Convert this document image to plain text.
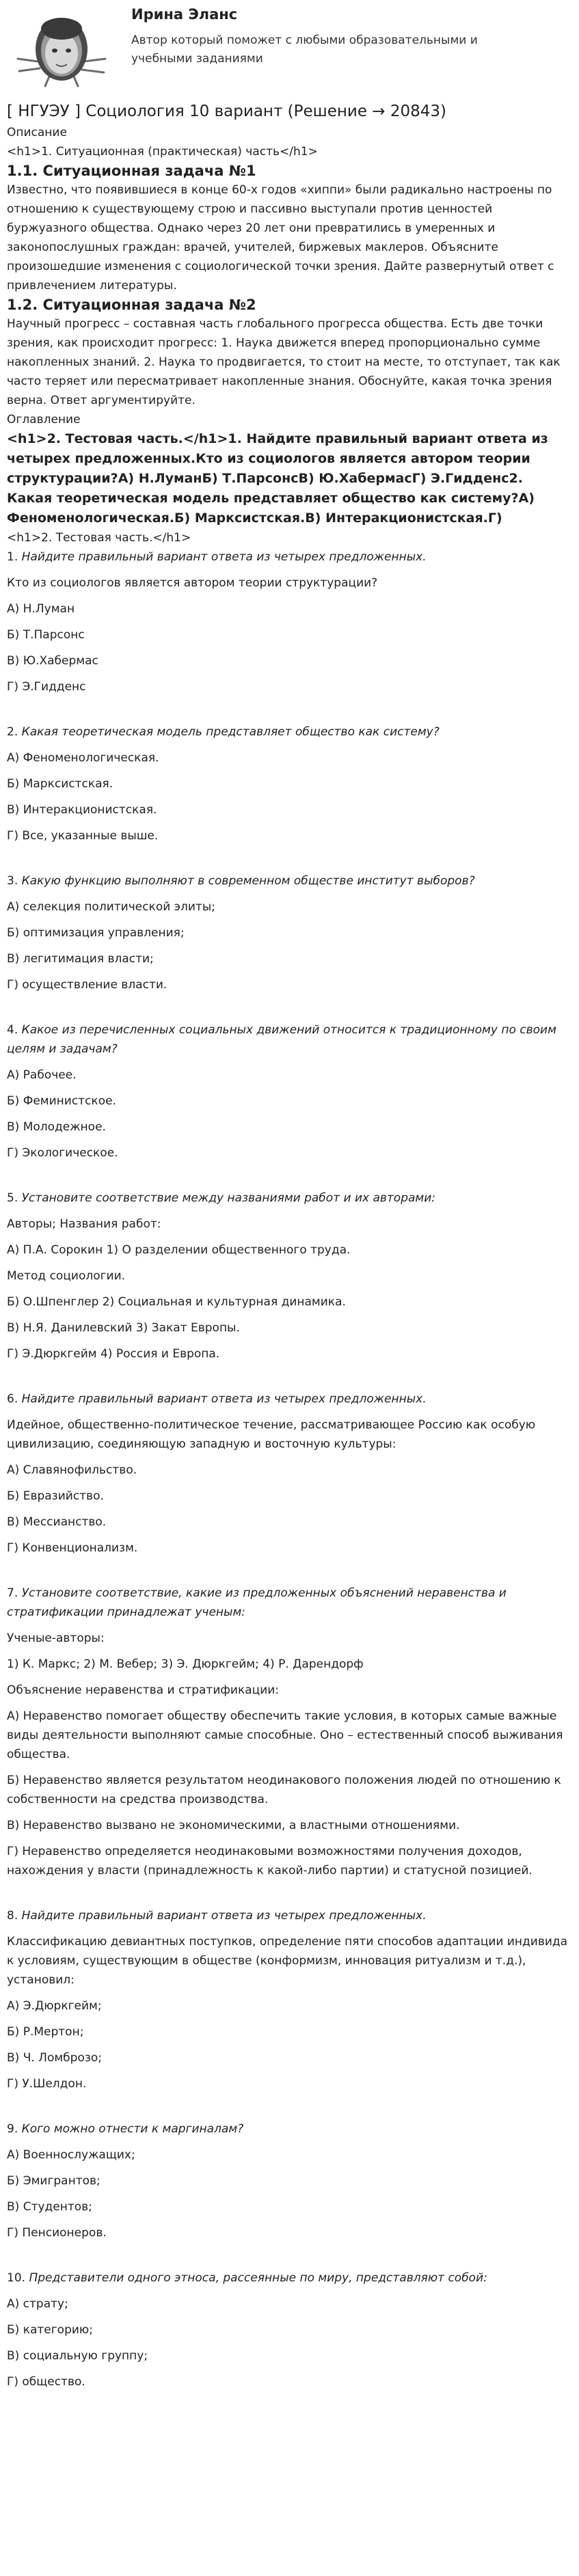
Ирина Эланс
Автор который поможет с любыми образовательными и учебными заданиями
[ НГУЭУ ] Социология 10 вариант (Решение → 20843)

Описание

<h1>1. Ситуационная (практическая) часть</h1>

1.1. Ситуационная задача №1

Известно, что появившиеся в конце 60-х годов «хиппи» были радикально настроены по отношению к существующему строю и пассивно выступали против ценностей буржуазного общества. Однако через 20 лет они превратились в умеренных и законопослушных граждан: врачей, учителей, биржевых маклеров. Объясните произошедшие изменения с социологической точки зрения. Дайте развернутый ответ с привлечением литературы.

1.2. Ситуационная задача №2

Научный прогресс – составная часть глобального прогресса общества. Есть две точки зрения, как происходит прогресс: 1. Наука движется вперед пропорционально сумме накопленных знаний. 2. Наука то продвигается, то стоит на месте, то отступает, так как часто теряет или пересматривает накопленные знания. Обоснуйте, какая точка зрения верна. Ответ аргументируйте.

Оглавление

<h1>2. Тестовая часть.</h1>1. Найдите правильный вариант ответа из четырех предложенных.Кто из социологов является автором теории структурации?А) Н.ЛуманБ) Т.ПарсонсВ) Ю.ХабермасГ) Э.Гидденс2. Какая теоретическая модель представляет общество как систему?А) Феноменологическая.Б) Марксистская.В) Интеракционистская.Г)

<h1>2. Тестовая часть.</h1>

1. Найдите правильный вариант ответа из четырех предложенных.

Кто из социологов является автором теории структурации?

А) Н.Луман

Б) Т.Парсонс

В) Ю.Хабермас

Г) Э.Гидденс

2. Какая теоретическая модель представляет общество как систему?

А) Феноменологическая.

Б) Марксистская.

В) Интеракционистская.

Г) Все, указанные выше.

3. Какую функцию выполняют в современном обществе институт выборов?

А) селекция политической элиты;

Б) оптимизация управления;

В) легитимация власти;

Г) осуществление власти.

4. Какое из перечисленных социальных движений относится к традиционному по своим целям и задачам?

А) Рабочее.

Б) Феминистское.

В) Молодежное.

Г) Экологическое.

5. Установите соответствие между названиями работ и их авторами:

Авторы; Названия работ:

А) П.А. Сорокин 1) О разделении общественного труда.

Метод социологии.

Б) О.Шпенглер 2) Социальная и культурная динамика.

В) Н.Я. Данилевский 3) Закат Европы.

Г) Э.Дюркгейм 4) Россия и Европа.

6. Найдите правильный вариант ответа из четырех предложенных.

Идейное, общественно-политическое течение, рассматривающее Россию как особую цивилизацию, соединяющую западную и восточную культуры:

А) Славянофильство.

Б) Евразийство.

В) Мессианство.

Г) Конвенционализм.

7. Установите соответствие, какие из предложенных объяснений неравенства и стратификации принадлежат ученым:

Ученые-авторы:

1) К. Маркс; 2) М. Вебер; 3) Э. Дюркгейм; 4) Р. Дарендорф

Объяснение неравенства и стратификации:

А) Неравенство помогает обществу обеспечить такие условия, в которых самые важные виды деятельности выполняют самые способные. Оно – естественный способ выживания общества.

Б) Неравенство является результатом неодинакового положения людей по отношению к собственности на средства производства.

В) Неравенство вызвано не экономическими, а властными отношениями.

Г) Неравенство определяется неодинаковыми возможностями получения доходов, нахождения у власти (принадлежность к какой-либо партии) и статусной позицией.

8. Найдите правильный вариант ответа из четырех предложенных.

Классификацию девиантных поступков, определение пяти способов адаптации индивида к условиям, существующим в обществе (конформизм, инновация ритуализм и т.д.), установил:

А) Э.Дюркгейм;

Б) Р.Мертон;

В) Ч. Ломброзо;

Г) У.Шелдон.

9. Кого можно отнести к маргиналам?

А) Военнослужащих;

Б) Эмигрантов;

В) Студентов;

Г) Пенсионеров.

10. Представители одного этноса, рассеянные по миру, представляют собой:

А) страту;

Б) категорию;

В) социальную группу;

Г) общество.
